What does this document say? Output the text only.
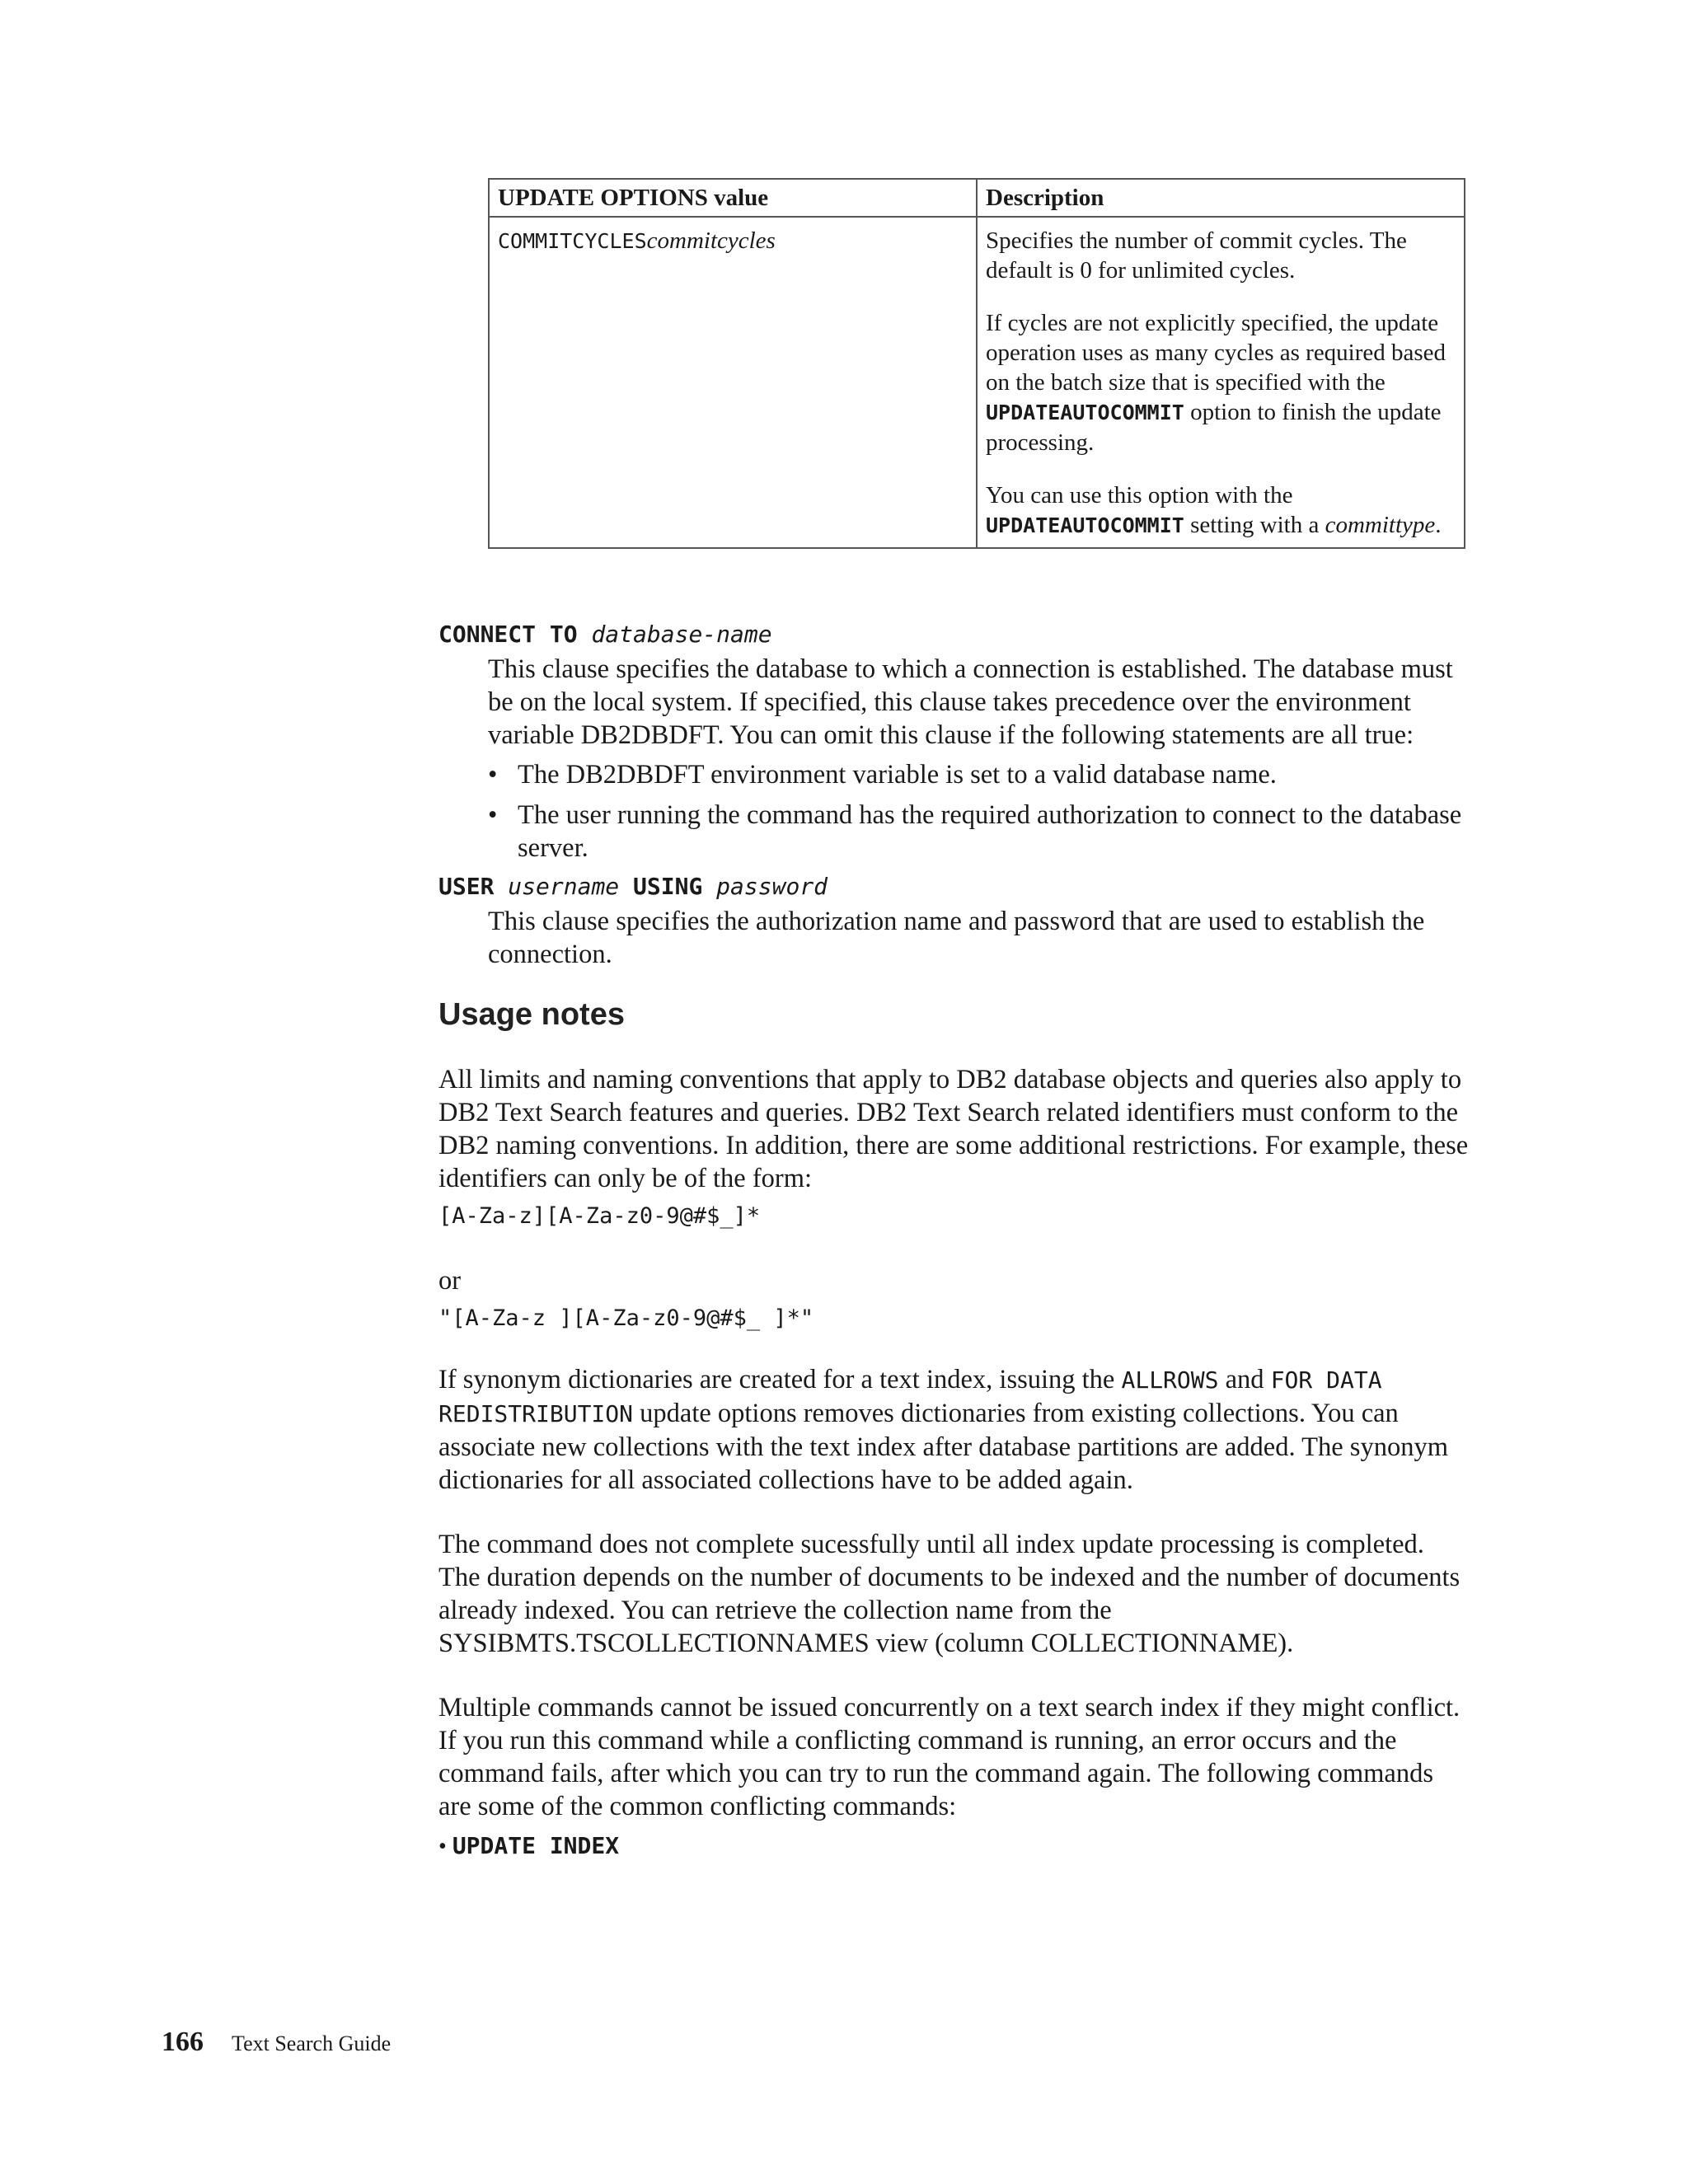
UPDATE OPTIONS value	Description
COMMITCYCLEScommitcycles	Specifies the number of commit cycles. The default is 0 for unlimited cycles.

If cycles are not explicitly specified, the update operation uses as many cycles as required based on the batch size that is specified with the UPDATEAUTOCOMMIT option to finish the update processing.

You can use this option with the UPDATEAUTOCOMMIT setting with a committype.

CONNECT TO database-name

This clause specifies the database to which a connection is established. The database must be on the local system. If specified, this clause takes precedence over the environment variable DB2DBDFT. You can omit this clause if the following statements are all true:

• The DB2DBDFT environment variable is set to a valid database name.
• The user running the command has the required authorization to connect to the database server.
USER username USING password

This clause specifies the authorization name and password that are used to establish the connection.

Usage notes

All limits and naming conventions that apply to DB2 database objects and queries also apply to DB2 Text Search features and queries. DB2 Text Search related identifiers must conform to the DB2 naming conventions. In addition, there are some additional restrictions. For example, these identifiers can only be of the form:

[A-Za-z][A-Za-z0-9@#$_]*

or

"[A-Za-z ][A-Za-z0-9@#$_ ]*"

If synonym dictionaries are created for a text index, issuing the ALLROWS and FOR DATA REDISTRIBUTION update options removes dictionaries from existing collections. You can associate new collections with the text index after database partitions are added. The synonym dictionaries for all associated collections have to be added again.

The command does not complete sucessfully until all index update processing is completed. The duration depends on the number of documents to be indexed and the number of documents already indexed. You can retrieve the collection name from the SYSIBMTS.TSCOLLECTIONNAMES view (column COLLECTIONNAME).

Multiple commands cannot be issued concurrently on a text search index if they might conflict. If you run this command while a conflicting command is running, an error occurs and the command fails, after which you can try to run the command again. The following commands are some of the common conflicting commands:

• UPDATE INDEX
166 Text Search Guide
